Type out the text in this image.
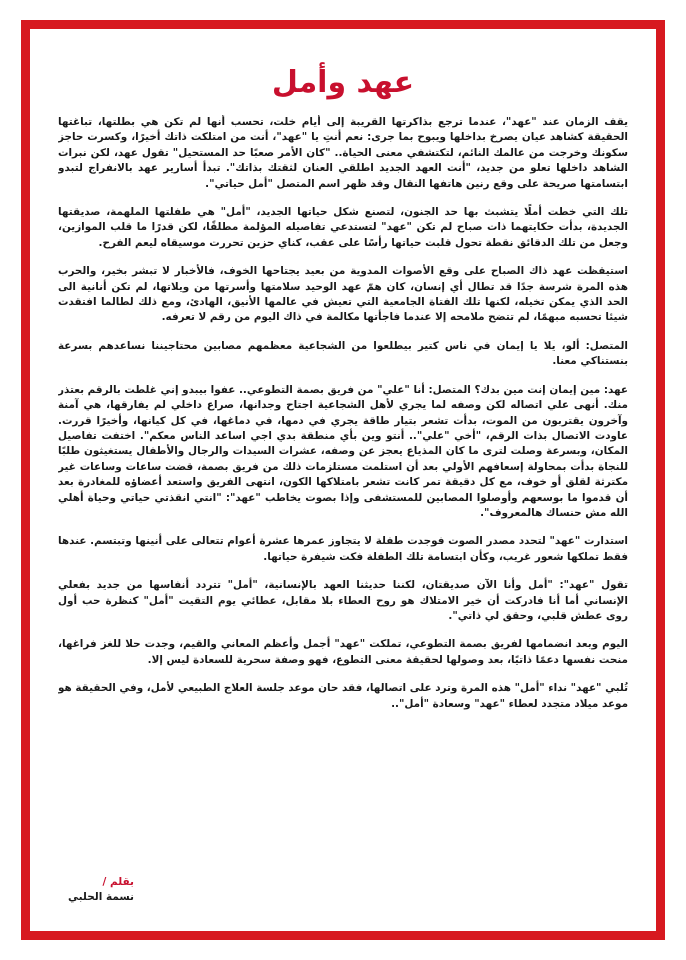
عهد وأمل

يقف الزمان عند "عهد"، عندما ترجع بذاكرتها القريبة إلى أيام خلت، تحسب أنها لم تكن هي بطلتها، تباغتها الحقيقة كشاهد عيان يصرخ بداخلها ويبوح بما جرى: نعم أنتِ يا "عهد"، أنت من امتلكت ذاتك أخيرًا، وكسرت حاجز سكونك وخرجت من عالمك النائم، لتكتشفي معنى الحياة.. "كان الأمر صعبًا حد المستحيل" تقول عهد، لكن نبرات الشاهد داخلها تعلو من جديد، "أنت العهد الجديد اطلقي العنان لثقتك بذاتك". تبدأ أسارير عهد بالانفراج لتبدو ابتسامتها صريحة على وقع رنين هاتفها النقال وقد ظهر اسم المتصل "أمل حياتي".

تلك التي خطت أملًا يتشبث بها حد الجنون، لتصنع شكل حياتها الجديد، "أمل" هي طفلتها الملهمة، صديقتها الجديدة، بدأت حكايتهما ذات صباح لم تكن "عهد" لتستدعي تفاصيله المؤلمة مطلقًا، لكن قدرًا ما قلب الموازين، وجعل من تلك الدقائق نقطة تحول قلبت حياتها رأسًا على عقب، كناي حزين تحررت موسيقاه ليعم الفرح.

استيقظت عهد ذاك الصباح على وقع الأصوات المدوية من بعيد يجتاحها الخوف، فالأخبار لا تبشر بخير، والحرب هذه المرة شرسة جدًا قد تطال أي إنسان، كان همّ عهد الوحيد سلامتها وأسرتها من ويلاتها، لم تكن أنانية الى الحد الذي يمكن تخيله، لكنها تلك الفتاة الجامعية التي تعيش في عالمها الأنيق، الهادئ، ومع ذلك لطالما افتقدت شيئا تحسبه مبهمًا، لم تتضح ملامحه إلا عندما فاجأتها مكالمة في ذاك اليوم من رقم لا تعرفه.

المتصل: ألو، يلا يا إيمان في ناس كتير بيطلعوا من الشجاعية معظمهم مصابين محتاجيننا نساعدهم بسرعة بنستناكي معنا.

عهد: مين إيمان إنت مين بدك؟ المتصل: أنا "علي" من فريق بصمة التطوعي.. عفوا بيبدو إني غلطت بالرقم بعتذر منك. أنهى علي اتصاله لكن وصفه لما يجري لأهل الشجاعية اجتاح وجدانها، صراع داخلي لم يفارقها، هي آمنة وآخرون يقتربون من الموت، بدأت تشعر بتيار طاقة يجري في دمها، في دماغها، في كل كيانها، وأخيرًا قررت. عاودت الاتصال بذات الرقم، "أخي "علي".. أنتو وين بأي منطقة بدي اجي اساعد الناس معكم". اختفت تفاصيل المكان، وبسرعة وصلت لترى ما كان المذياع يعجز عن وصفه، عشرات السيدات والرجال والأطفال يستغيثون طلبًا للنجاة بدأت بمحاولة إسعافهم الأولي بعد أن استلمت مستلزمات ذلك من فريق بصمة، قضت ساعات وساعات غير مكترثة لقلق أو خوف، مع كل دقيقة تمر كانت تشعر بامتلاكها الكون، انتهى الفريق واستعد أعضاؤه للمغادرة بعد أن قدموا ما بوسعهم وأوصلوا المصابين للمستشفى وإذا بصوت يخاطب "عهد": "انتي انقذتي حياتي وحياة أهلي الله مش حنساك هالمعروف".

استدارت "عهد" لتحدد مصدر الصوت فوجدت طفلة لا يتجاوز عمرها عشرة أعوام تتعالى على أنينها وتبتسم. عندها فقط تملكها شعور غريب، وكأن ابتسامة تلك الطفلة فكت شيفرة حياتها.

تقول "عهد": "أمل وأنا الآن صديقتان، لكننا حديثنا العهد بالإنسانية، "أمل" تتردد أنفاسها من جديد بفعلي الإنساني أما أنا فادركت أن خير الامتلاك هو روح العطاء بلا مقابل، عطائي يوم التقيت "أمل" كنظرة حب أول روى عطش قلبي، وحقق لي ذاتي".

اليوم وبعد انضمامها لفريق بصمة التطوعي، تملكت "عهد" أجمل وأعظم المعاني والقيم، وجدت حلا للغز فراغها، منحت نفسها دعمًا ذاتيًا، بعد وصولها لحقيقة معنى التطوع، فهو وصفة سحرية للسعادة ليس إلا.

تُلبي "عهد" نداء "أمل" هذه المرة وترد على اتصالها، فقد حان موعد جلسة العلاج الطبيعي لأمل، وفي الحقيقة هو موعد ميلاد متجدد لعطاء "عهد" وسعادة "أمل"..

بقلم /
نسمة الحلبي
